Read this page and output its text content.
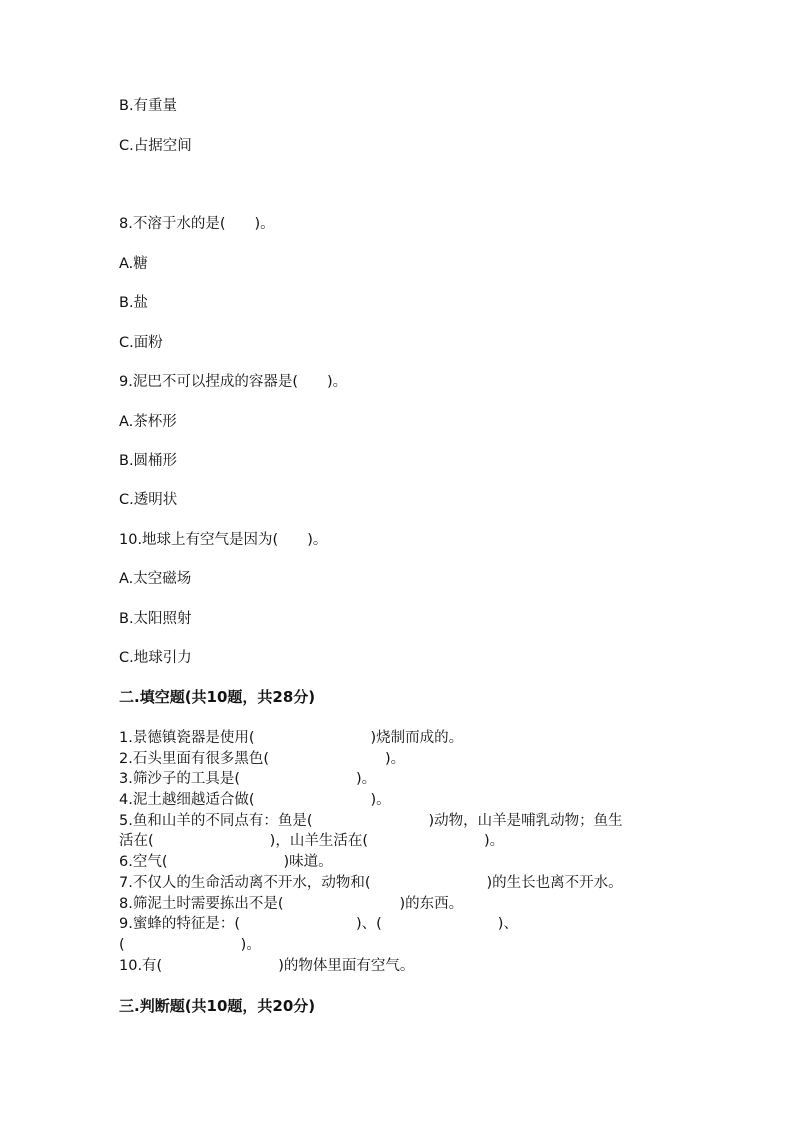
B.有重量
C.占据空间
8.不溶于水的是(　　)。
A.糖
B.盐
C.面粉
9.泥巴不可以捏成的容器是(　　)。
A.茶杯形
B.圆桶形
C.透明状
10.地球上有空气是因为(　　)。
A.太空磁场
B.太阳照射
C.地球引力
二.填空题(共10题，共28分)
1.景德镇瓷器是使用(　　　　　　　　)烧制而成的。
2.石头里面有很多黑色(　　　　　　　　)。
3.筛沙子的工具是(　　　　　　　　)。
4.泥土越细越适合做(　　　　　　　　)。
5.鱼和山羊的不同点有：鱼是(　　　　　　　　)动物，山羊是哺乳动物；鱼生
活在(　　　　　　　　)，山羊生活在(　　　　　　　　)。
6.空气(　　　　　　　　)味道。
7.不仅人的生命活动离不开水，动物和(　　　　　　　　)的生长也离不开水。
8.筛泥土时需要拣出不是(　　　　　　　　)的东西。
9.蜜蜂的特征是：(　　　　　　　　)、(　　　　　　　　)、
(　　　　　　　　)。
10.有(　　　　　　　　)的物体里面有空气。
三.判断题(共10题，共20分)
